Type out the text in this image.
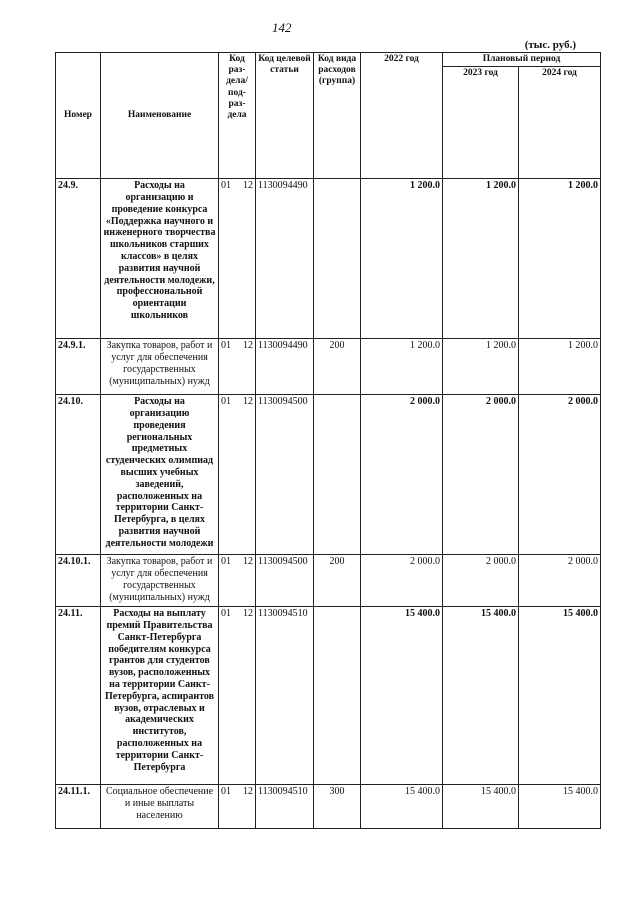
142
(тыс. руб.)
Номер	Наименование	Код раз-дела/ под-раз-дела	Код целевой статьи	Код вида расходов (группа)	2022 год	Плановый период	
						2023 год	2024 год
24.9.	Расходы на организацию и проведение конкурса «Поддержка научного и инженерного творчества школьников старших классов» в целях развития научной деятельности молодежи, профессиональной ориентации школьников	01 12	1130094490		1 200.0	1 200.0	1 200.0
24.9.1.	Закупка товаров, работ и услуг для обеспечения государственных (муниципальных) нужд	01 12	1130094490	200	1 200.0	1 200.0	1 200.0
24.10.	Расходы на организацию проведения региональных предметных студенческих олимпиад высших учебных заведений, расположенных на территории Санкт-Петербурга, в целях развития научной деятельности молодежи	01 12	1130094500		2 000.0	2 000.0	2 000.0
24.10.1.	Закупка товаров, работ и услуг для обеспечения государственных (муниципальных) нужд	01 12	1130094500	200	2 000.0	2 000.0	2 000.0
24.11.	Расходы на выплату премий Правительства Санкт-Петербурга победителям конкурса грантов для студентов вузов, расположенных на территории Санкт-Петербурга, аспирантов вузов, отраслевых и академических институтов, расположенных на территории Санкт-Петербурга	01 12	1130094510		15 400.0	15 400.0	15 400.0
24.11.1.	Социальное обеспечение и иные выплаты населению	01 12	1130094510	300	15 400.0	15 400.0	15 400.0
